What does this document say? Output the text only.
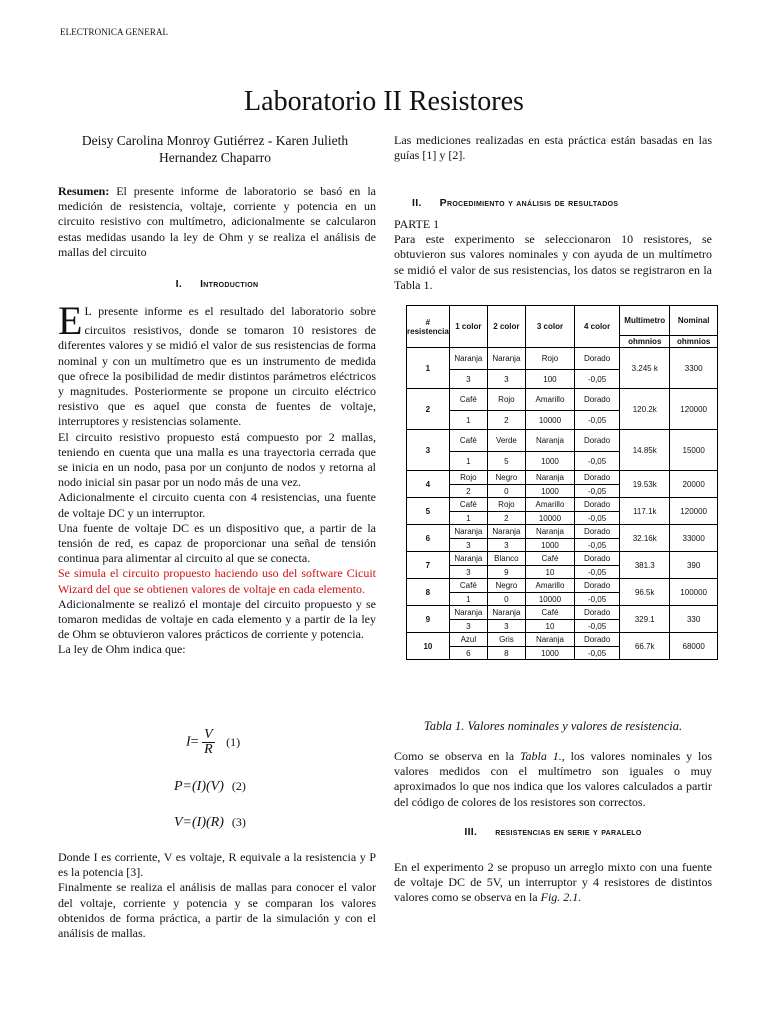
ELECTRONICA GENERAL
Laboratorio II Resistores
Deisy Carolina Monroy Gutiérrez - Karen Julieth Hernandez Chaparro
Resumen: El presente informe de laboratorio se basó en la medición de resistencia, voltaje, corriente y potencia en un circuito resistivo con multímetro, adicionalmente se calcularon estas medidas usando la ley de Ohm y se realiza el análisis de mallas del circuito
I. Introduction
E L presente informe es el resultado del laboratorio sobre circuitos resistivos, donde se tomaron 10 resistores de diferentes valores y se midió el valor de sus resistencias de forma nominal y con un multímetro que es un instrumento de medida que ofrece la posibilidad de medir distintos parámetros eléctricos y magnitudes. Posteriormente se propone un circuito eléctrico resistivo que es aquel que consta de fuentes de voltaje, interruptores y resistencias solamente.
El circuito resistivo propuesto está compuesto por 2 mallas, teniendo en cuenta que una malla es una trayectoria cerrada que se inicia en un nodo, pasa por un conjunto de nodos y retorna al nodo inicial sin pasar por un nodo más de una vez.
Adicionalmente el circuito cuenta con 4 resistencias, una fuente de voltaje DC y un interruptor.
Una fuente de voltaje DC es un dispositivo que, a partir de la tensión de red, es capaz de proporcionar una señal de tensión continua para alimentar al circuito al que se conecta.
Se simula el circuito propuesto haciendo uso del software Cicuit Wizard del que se obtienen valores de voltaje en cada elemento.
Adicionalmente se realizó el montaje del circuito propuesto y se tomaron medidas de voltaje en cada elemento y a partir de la ley de Ohm se obtuvieron valores prácticos de corriente y potencia.
La ley de Ohm indica que:
$I= \frac{V}{R} (1)$
P=(I)(V) (2)
V=(I)(R) (3)
Donde I es corriente, V es voltaje, R equivale a la resistencia y P es la potencia [3].
Finalmente se realiza el análisis de mallas para conocer el valor del voltaje, corriente y potencia y se comparan los valores obtenidos de forma práctica, a partir de la simulación y con el análisis de mallas.
Las mediciones realizadas en esta práctica están basadas en las guías [1] y [2].
II. Procedimiento y análisis de resultados
PARTE 1
Para este experimento se seleccionaron 10 resistores, se obtuvieron sus valores nominales y con ayuda de un multímetro se midió el valor de sus resistencias, los datos se registraron en la Tabla 1.
# resistencia	1 color	2 color	3 color	4 color	Multimetro	Nominal
					ohmnios	ohmnios
1	Naranja	Naranja	Rojo	Dorado	3.245 k	3300
	3	3	100	-0,05		
2	Café	Rojo	Amarillo	Dorado	120.2k	120000
	1	2	10000	-0,05		
3	Café	Verde	Naranja	Dorado	14.85k	15000
	1	5	1000	-0,05		
4	Rojo	Negro	Naranja	Dorado	19.53k	20000
	2	0	1000	-0,05		
5	Café	Rojo	Amarillo	Dorado	117.1k	120000
	1	2	10000	-0,05		
6	Naranja	Naranja	Naranja	Dorado	32.16k	33000
	3	3	1000	-0,05		
7	Naranja	Blanco	Café	Dorado	381.3	390
	3	9	10	-0,05		
8	Café	Negro	Amarillo	Dorado	96.5k	100000
	1	0	10000	-0,05		
9	Naranja	Naranja	Café	Dorado	329.1	330
	3	3	10	-0,05		
10	Azul	Gris	Naranja	Dorado	66.7k	68000
	6	8	1000	-0,05		
Tabla 1. Valores nominales y valores de resistencia.
Como se observa en la Tabla 1., los valores nominales y los valores medidos con el multímetro son iguales o muy aproximados lo que nos indica que los valores calculados a partir del código de colores de los resistores son correctos.
III. resistencias en serie y paralelo
En el experimento 2 se propuso un arreglo mixto con una fuente de voltaje DC de 5V, un interruptor y 4 resistores de distintos valores como se observa en la Fig. 2.1.
